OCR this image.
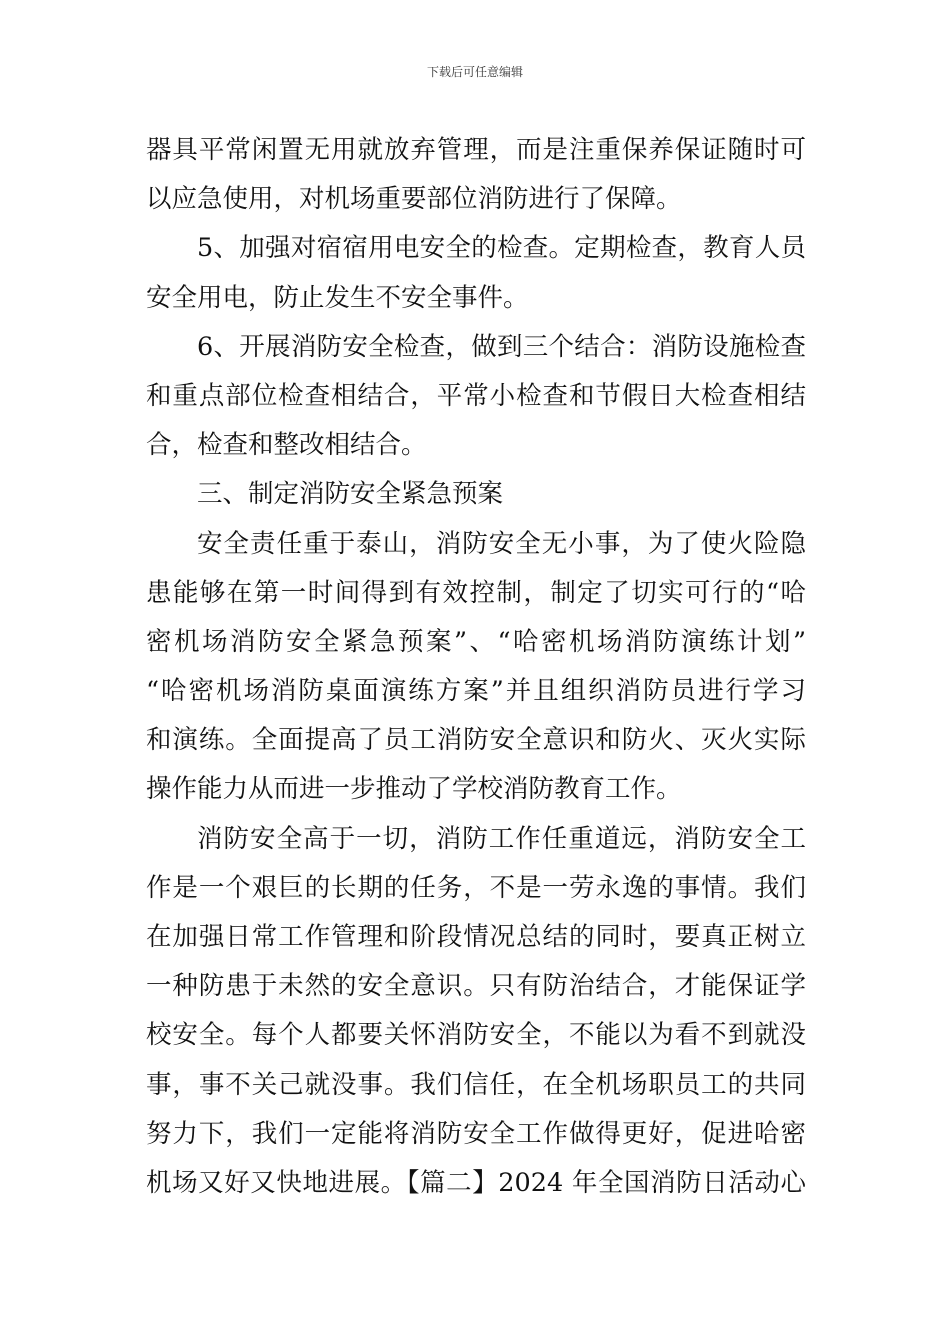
下载后可任意编辑
器具平常闲置无用就放弃管理，而是注重保养保证随时可
以应急使用，对机场重要部位消防进行了保障。
5、加强对宿宿用电安全的检查。定期检查，教育人员
安全用电，防止发生不安全事件。
6、开展消防安全检查，做到三个结合：消防设施检查
和重点部位检查相结合，平常小检查和节假日大检查相结
合，检查和整改相结合。
三、制定消防安全紧急预案
安全责任重于泰山，消防安全无小事，为了使火险隐
患能够在第一时间得到有效控制，制定了切实可行的“哈
密机场消防安全紧急预案”、“哈密机场消防演练计划”
“哈密机场消防桌面演练方案”并且组织消防员进行学习
和演练。全面提高了员工消防安全意识和防火、灭火实际
操作能力从而进一步推动了学校消防教育工作。
消防安全高于一切，消防工作任重道远，消防安全工
作是一个艰巨的长期的任务，不是一劳永逸的事情。我们
在加强日常工作管理和阶段情况总结的同时，要真正树立
一种防患于未然的安全意识。只有防治结合，才能保证学
校安全。每个人都要关怀消防安全，不能以为看不到就没
事，事不关己就没事。我们信任，在全机场职员工的共同
努力下，我们一定能将消防安全工作做得更好，促进哈密
机场又好又快地进展。【篇二】2024 年全国消防日活动心
